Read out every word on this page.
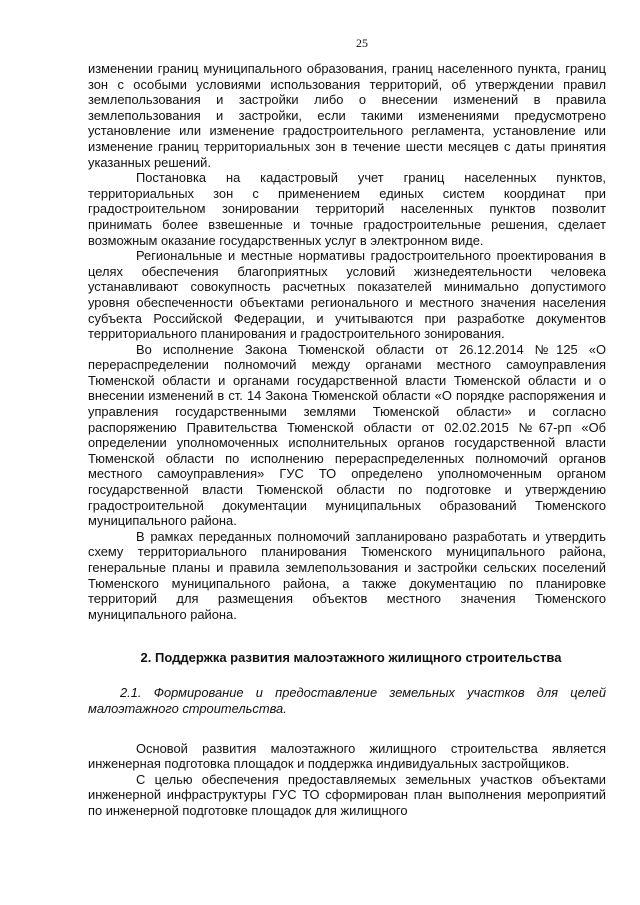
25

изменении границ муниципального образования, границ населенного пункта, границ зон с особыми условиями использования территорий, об утверждении правил землепользования и застройки либо о внесении изменений в правила землепользования и застройки, если такими изменениями предусмотрено установление или изменение градостроительного регламента, установление или изменение границ территориальных зон в течение шести месяцев с даты принятия указанных решений.

Постановка на кадастровый учет границ населенных пунктов, территориальных зон с применением единых систем координат при градостроительном зонировании территорий населенных пунктов позволит принимать более взвешенные и точные градостроительные решения, сделает возможным оказание государственных услуг в электронном виде.

Региональные и местные нормативы градостроительного проектирования в целях обеспечения благоприятных условий жизнедеятельности человека устанавливают совокупность расчетных показателей минимально допустимого уровня обеспеченности объектами регионального и местного значения населения субъекта Российской Федерации, и учитываются при разработке документов территориального планирования и градостроительного зонирования.

Во исполнение Закона Тюменской области от 26.12.2014 №125 «О перераспределении полномочий между органами местного самоуправления Тюменской области и органами государственной власти Тюменской области и о внесении изменений в ст. 14 Закона Тюменской области «О порядке распоряжения и управления государственными землями Тюменской области» и согласно распоряжению Правительства Тюменской области от 02.02.2015 №67-рп «Об определении уполномоченных исполнительных органов государственной власти Тюменской области по исполнению перераспределенных полномочий органов местного самоуправления» ГУС ТО определено уполномоченным органом государственной власти Тюменской области по подготовке и утверждению градостроительной документации муниципальных образований Тюменского муниципального района.

В рамках переданных полномочий запланировано разработать и утвердить схему территориального планирования Тюменского муниципального района, генеральные планы и правила землепользования и застройки сельских поселений Тюменского муниципального района, а также документацию по планировке территорий для размещения объектов местного значения Тюменского муниципального района.

2. Поддержка развития малоэтажного жилищного строительства

2.1. Формирование и предоставление земельных участков для целей малоэтажного строительства.

Основой развития малоэтажного жилищного строительства является инженерная подготовка площадок и поддержка индивидуальных застройщиков.

С целью обеспечения предоставляемых земельных участков объектами инженерной инфраструктуры ГУС ТО сформирован план выполнения мероприятий по инженерной подготовке площадок для жилищного
